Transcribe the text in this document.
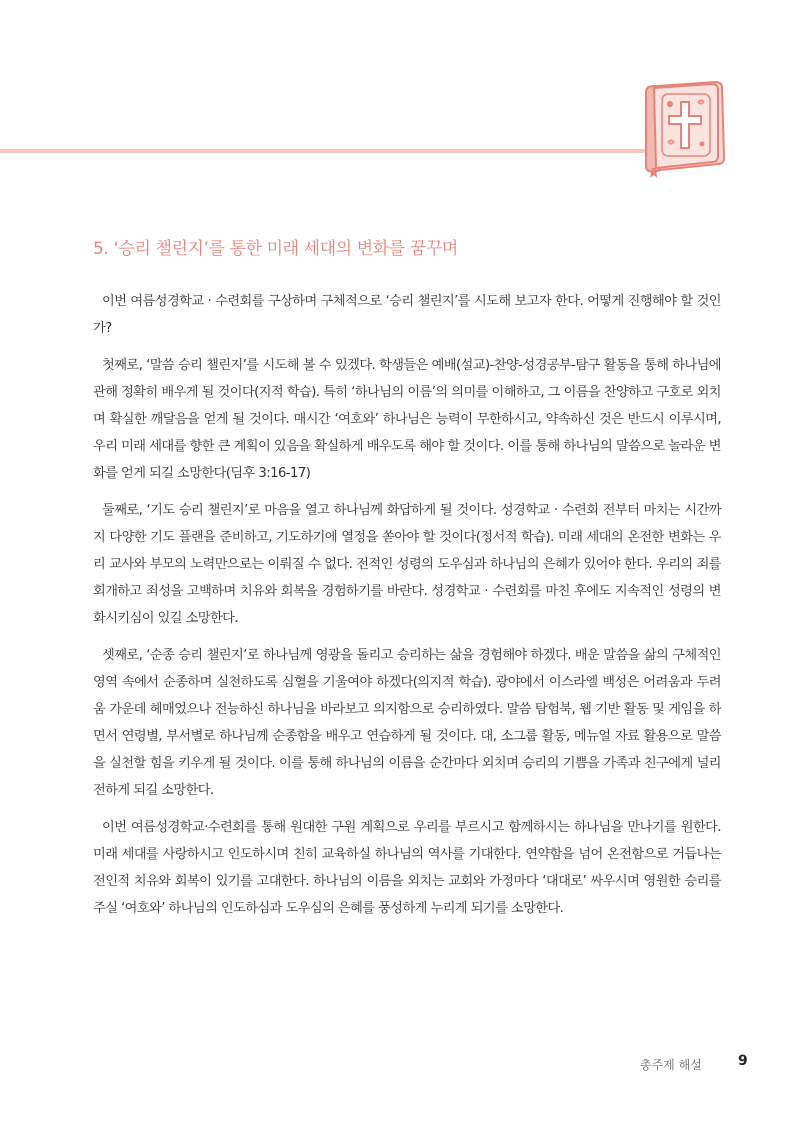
5. ‘승리 챌린지’를 통한 미래 세대의 변화를 꿈꾸며

이번 여름성경학교 · 수련회를 구상하며 구체적으로 ‘승리 챌린지’를 시도해 보고자 한다. 어떻게 진행해야 할 것인가?

첫째로, ‘말씀 승리 챌린지’를 시도해 볼 수 있겠다. 학생들은 예배(설교)-찬양-성경공부-탐구 활동을 통해 하나님에 관해 정확히 배우게 될 것이다(지적 학습). 특히 ‘하나님의 이름’의 의미를 이해하고, 그 이름을 찬양하고 구호로 외치며 확실한 깨달음을 얻게 될 것이다. 매시간 ‘여호와’ 하나님은 능력이 무한하시고, 약속하신 것은 반드시 이루시며, 우리 미래 세대를 향한 큰 계획이 있음을 확실하게 배우도록 해야 할 것이다. 이를 통해 하나님의 말씀으로 놀라운 변화를 얻게 되길 소망한다(딤후 3:16-17)

둘째로, ‘기도 승리 챌린지’로 마음을 열고 하나님께 화답하게 될 것이다. 성경학교 · 수련회 전부터 마치는 시간까지 다양한 기도 플랜을 준비하고, 기도하기에 열정을 쏟아야 할 것이다(정서적 학습). 미래 세대의 온전한 변화는 우리 교사와 부모의 노력만으로는 이뤄질 수 없다. 전적인 성령의 도우심과 하나님의 은혜가 있어야 한다. 우리의 죄를 회개하고 죄성을 고백하며 치유와 회복을 경험하기를 바란다. 성경학교 · 수련회를 마친 후에도 지속적인 성령의 변화시키심이 있길 소망한다.

셋째로, ‘순종 승리 챌린지’로 하나님께 영광을 돌리고 승리하는 삶을 경험해야 하겠다. 배운 말씀을 삶의 구체적인 영역 속에서 순종하며 실천하도록 심혈을 기울여야 하겠다(의지적 학습). 광야에서 이스라엘 백성은 어려움과 두려움 가운데 헤매었으나 전능하신 하나님을 바라보고 의지함으로 승리하였다. 말씀 탐험북, 웹 기반 활동 및 게임을 하면서 연령별, 부서별로 하나님께 순종함을 배우고 연습하게 될 것이다. 대, 소그룹 활동, 메뉴얼 자료 활용으로 말씀을 실천할 힘을 키우게 될 것이다. 이를 통해 하나님의 이름을 순간마다 외치며 승리의 기쁨을 가족과 친구에게 널리 전하게 되길 소망한다.

이번 여름성경학교·수련회를 통해 원대한 구원 계획으로 우리를 부르시고 함께하시는 하나님을 만나기를 원한다. 미래 세대를 사랑하시고 인도하시며 친히 교육하실 하나님의 역사를 기대한다. 연약함을 넘어 온전함으로 거듭나는 전인적 치유와 회복이 있기를 고대한다. 하나님의 이름을 외치는 교회와 가정마다 ‘대대로’ 싸우시며 영원한 승리를 주실 ‘여호와’ 하나님의 인도하심과 도우심의 은혜를 풍성하게 누리게 되기를 소망한다.

총주제 해설	9
